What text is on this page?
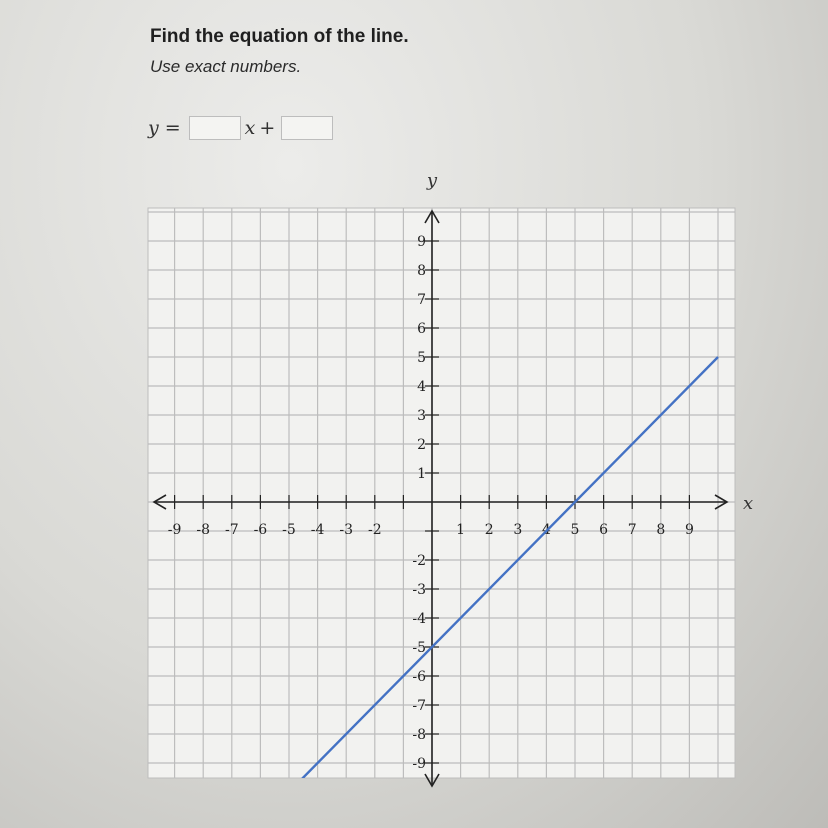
Find the equation of the line.
Use exact numbers.
y =	x +
-9 -8 -7 -6 -5 -4 -3 -2	1 2 3 4 5 6 7 8 9
9
8
7
6
5
4
3
2
1
-2
-3
-4
-5
-6
-7
-8
-9
x
y
